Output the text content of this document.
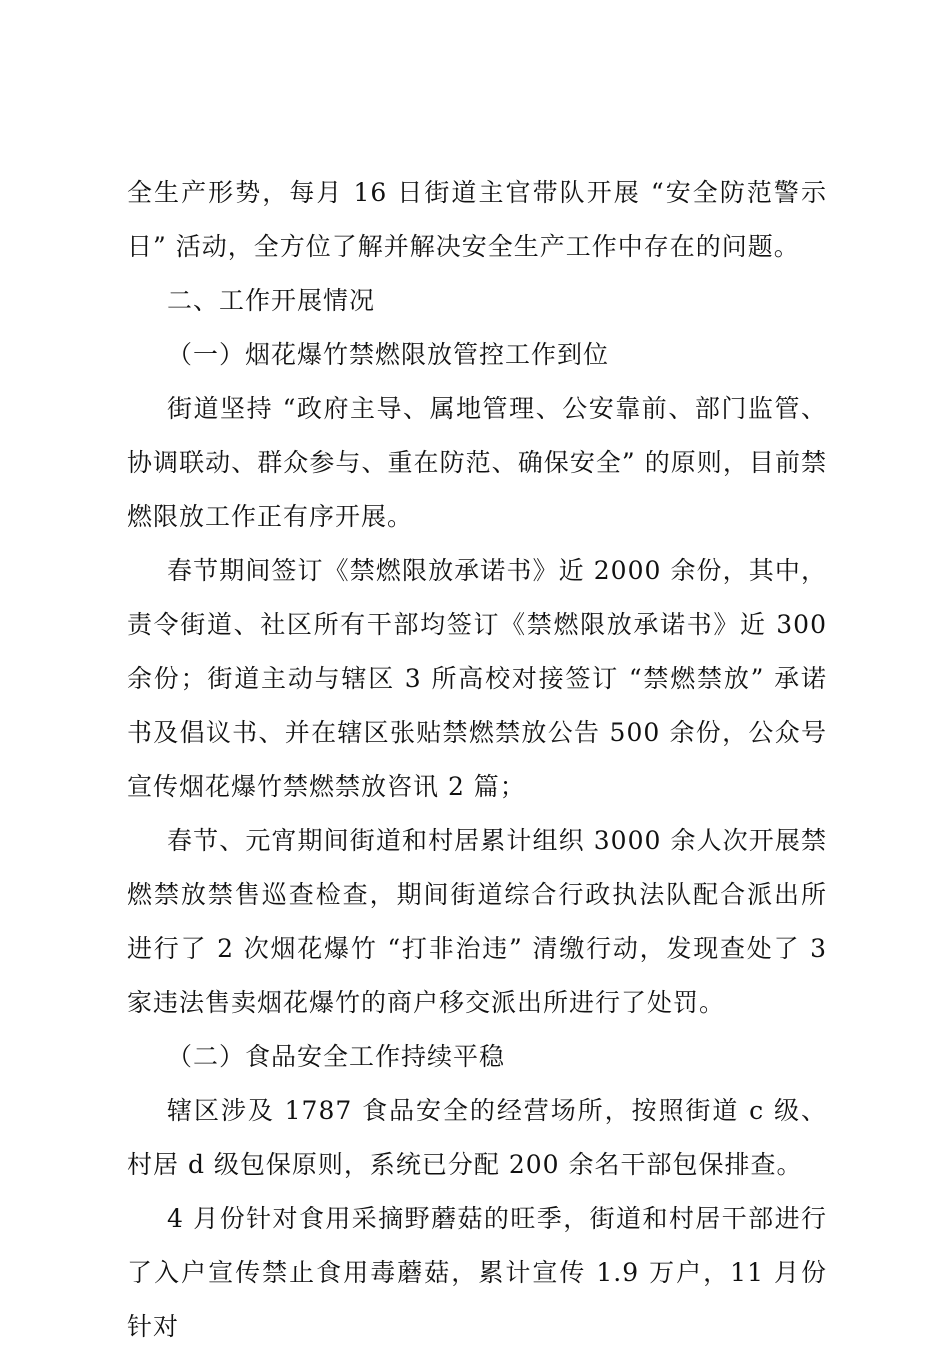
全生产形势，每月 16 日街道主官带队开展 “安全防范警示日” 活动，全方位了解并解决安全生产工作中存在的问题。

二、工作开展情况

（一）烟花爆竹禁燃限放管控工作到位

街道坚持 “政府主导、属地管理、公安靠前、部门监管、协调联动、群众参与、重在防范、确保安全” 的原则，目前禁燃限放工作正有序开展。

春节期间签订《禁燃限放承诺书》近 2000 余份，其中，责令街道、社区所有干部均签订《禁燃限放承诺书》近 300 余份；街道主动与辖区 3 所高校对接签订 “禁燃禁放” 承诺书及倡议书、并在辖区张贴禁燃禁放公告 500 余份，公众号宣传烟花爆竹禁燃禁放咨讯 2 篇；

春节、元宵期间街道和村居累计组织 3000 余人次开展禁燃禁放禁售巡查检查，期间街道综合行政执法队配合派出所进行了 2 次烟花爆竹 “打非治违” 清缴行动，发现查处了 3 家违法售卖烟花爆竹的商户移交派出所进行了处罚。

（二）食品安全工作持续平稳

辖区涉及 1787 食品安全的经营场所，按照街道 c 级、村居 d 级包保原则，系统已分配 200 余名干部包保排查。

4 月份针对食用采摘野蘑菇的旺季，街道和村居干部进行了入户宣传禁止食用毒蘑菇，累计宣传 1.9 万户，11 月份针对
